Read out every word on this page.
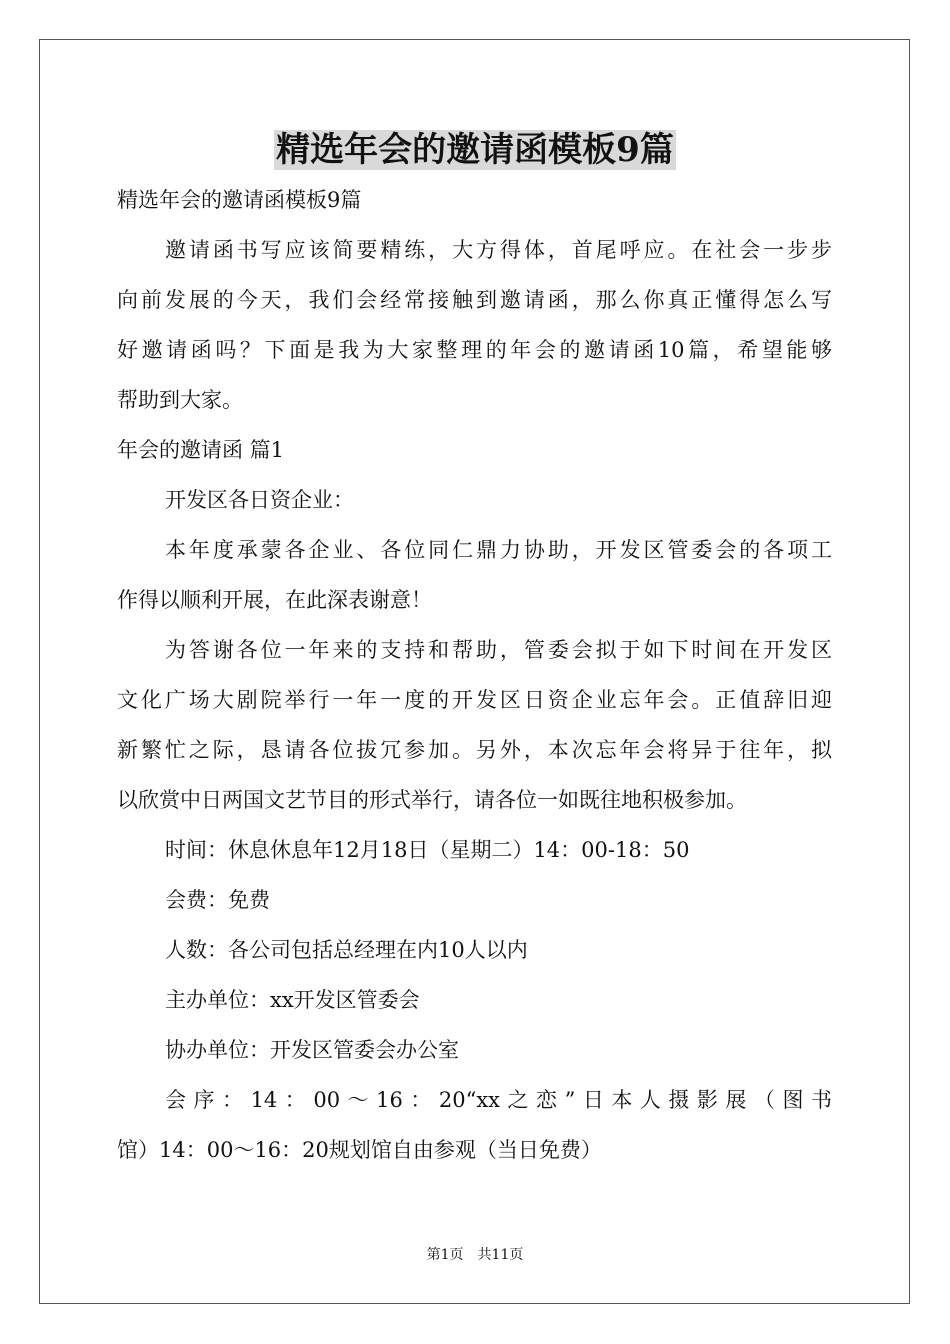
精选年会的邀请函模板9篇
精选年会的邀请函模板9篇
邀请函书写应该简要精练，大方得体，首尾呼应。在社会一步步
向前发展的今天，我们会经常接触到邀请函，那么你真正懂得怎么写
好邀请函吗？下面是我为大家整理的年会的邀请函10篇，希望能够
帮助到大家。
年会的邀请函 篇1
开发区各日资企业：
本年度承蒙各企业、各位同仁鼎力协助，开发区管委会的各项工
作得以顺利开展，在此深表谢意！
为答谢各位一年来的支持和帮助，管委会拟于如下时间在开发区
文化广场大剧院举行一年一度的开发区日资企业忘年会。正值辞旧迎
新繁忙之际，恳请各位拔冗参加。另外，本次忘年会将异于往年，拟
以欣赏中日两国文艺节目的形式举行，请各位一如既往地积极参加。
时间：休息休息年12月18日（星期二）14：00-18：50
会费：免费
人数：各公司包括总经理在内10人以内
主办单位：xx开发区管委会
协办单位：开发区管委会办公室
会序：14：00～16：20“xx之恋”日本人摄影展（图书
馆）14：00～16：20规划馆自由参观（当日免费）
第1页　共11页
